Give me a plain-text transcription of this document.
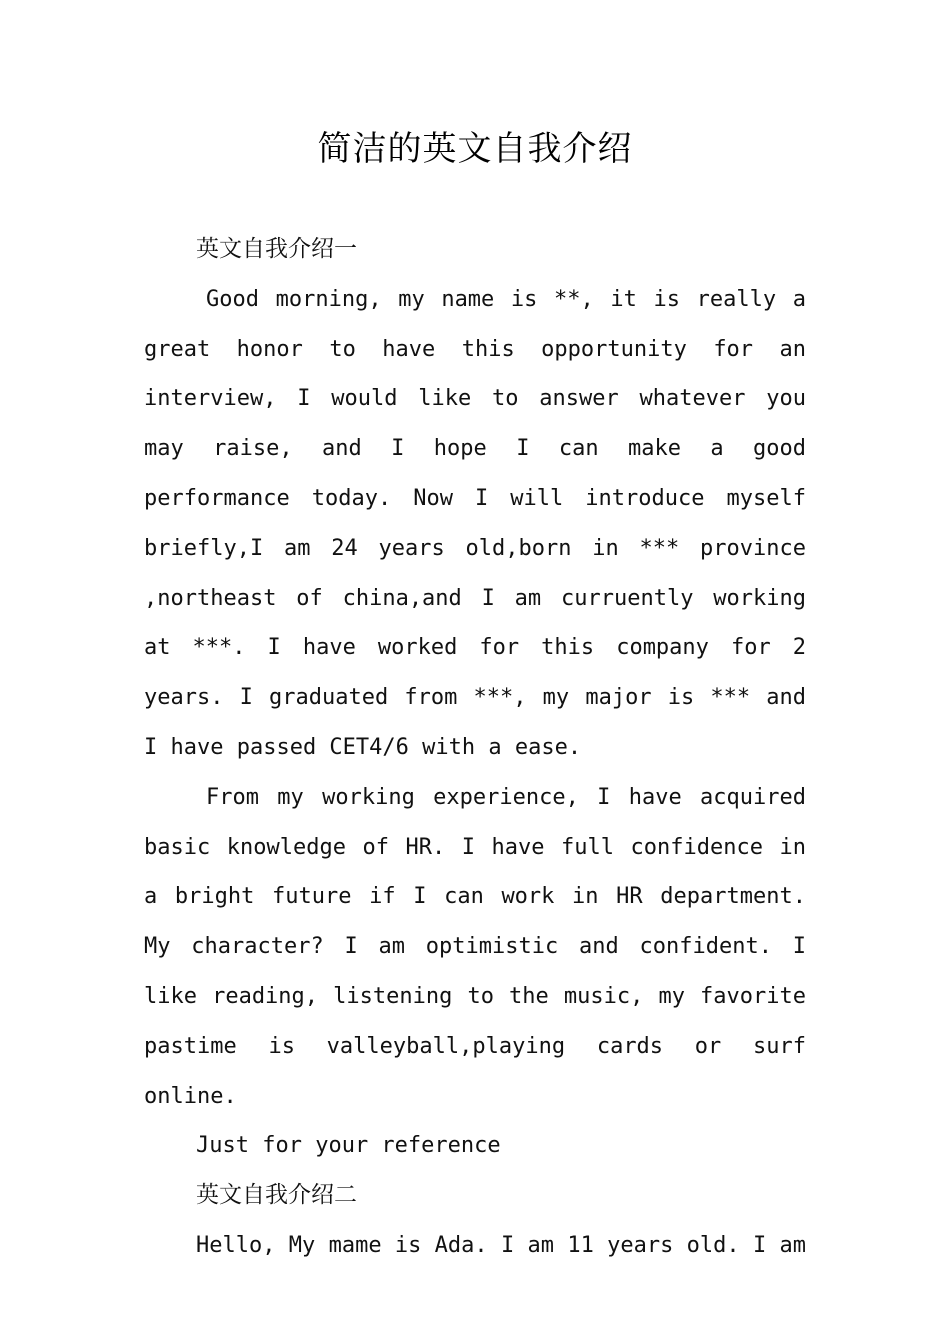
简洁的英文自我介绍

英文自我介绍一

Good morning, my name is **, it is really a great honor to have this opportunity for an interview, I would like to answer whatever you may raise, and I hope I can make a good performance today. Now I will introduce myself briefly,I am 24 years old,born in *** province ,northeast of china,and I am curruently working at ***. I have worked for this company for 2 years. I graduated from ***, my major is *** and I have passed CET4/6 with a ease.

From my working experience, I have acquired basic knowledge of HR. I have full confidence in a bright future if I can work in HR department. My character? I am optimistic and confident. I like reading, listening to the music, my favorite pastime is valleyball,playing cards or surf online.

Just for your reference

英文自我介绍二

Hello, My mame is Ada. I am 11 years old. I am
